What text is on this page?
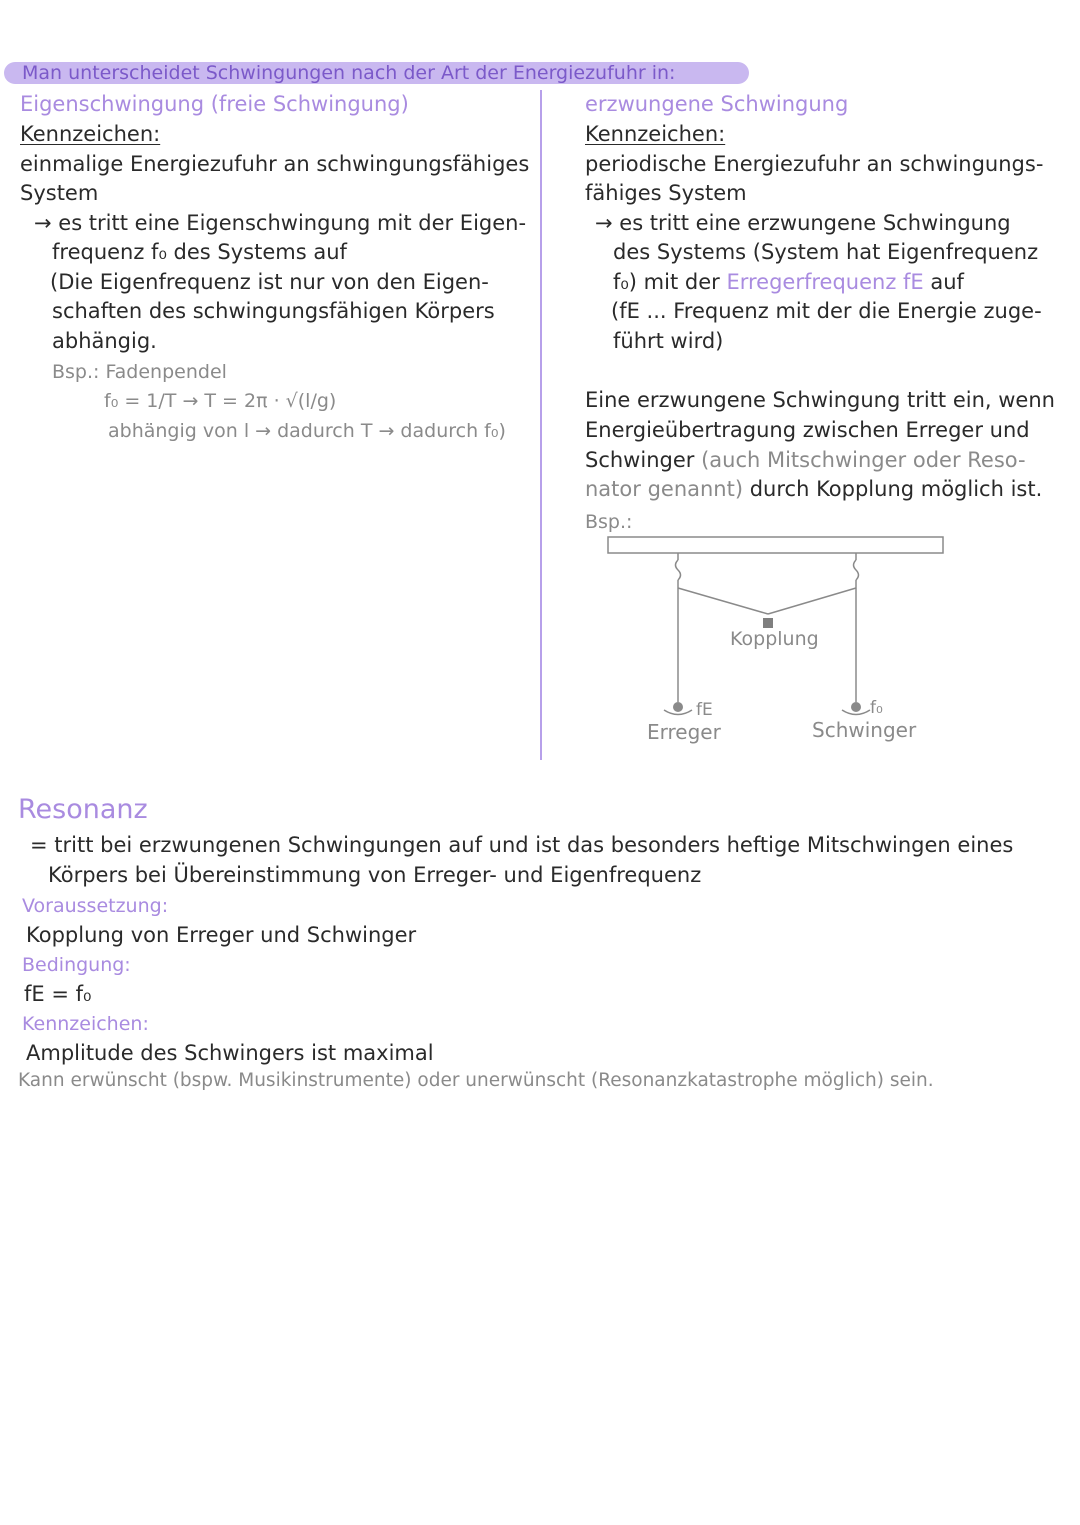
Man unterscheidet Schwingungen nach der Art der Energiezufuhr in:
Eigenschwingung (freie Schwingung)
Kennzeichen:
einmalige Energiezufuhr an schwingungsfähiges
System
→ es tritt eine Eigenschwingung mit der Eigen-
frequenz f₀ des Systems auf
(Die Eigenfrequenz ist nur von den Eigen-
schaften des schwingungsfähigen Körpers
abhängig.
Bsp.: Fadenpendel
f₀ = 1/T → T = 2π · √(l/g)
abhängig von l → dadurch T → dadurch f₀)
erzwungene Schwingung
Kennzeichen:
periodische Energiezufuhr an schwingungs-
fähiges System
→ es tritt eine erzwungene Schwingung
des Systems (System hat Eigenfrequenz
f₀) mit der Erregerfrequenz fE auf
(fE ... Frequenz mit der die Energie zuge-
führt wird)
Eine erzwungene Schwingung tritt ein, wenn
Energieübertragung zwischen Erreger und
Schwinger (auch Mitschwinger oder Reso-
nator genannt) durch Kopplung möglich ist.
Bsp.:
Kopplung
fE	f₀
Erreger	Schwinger
Resonanz
= tritt bei erzwungenen Schwingungen auf und ist das besonders heftige Mitschwingen eines
Körpers bei Übereinstimmung von Erreger- und Eigenfrequenz
Voraussetzung:
Kopplung von Erreger und Schwinger
Bedingung:
fE = f₀
Kennzeichen:
Amplitude des Schwingers ist maximal
Kann erwünscht (bspw. Musikinstrumente) oder unerwünscht (Resonanzkatastrophe möglich) sein.
